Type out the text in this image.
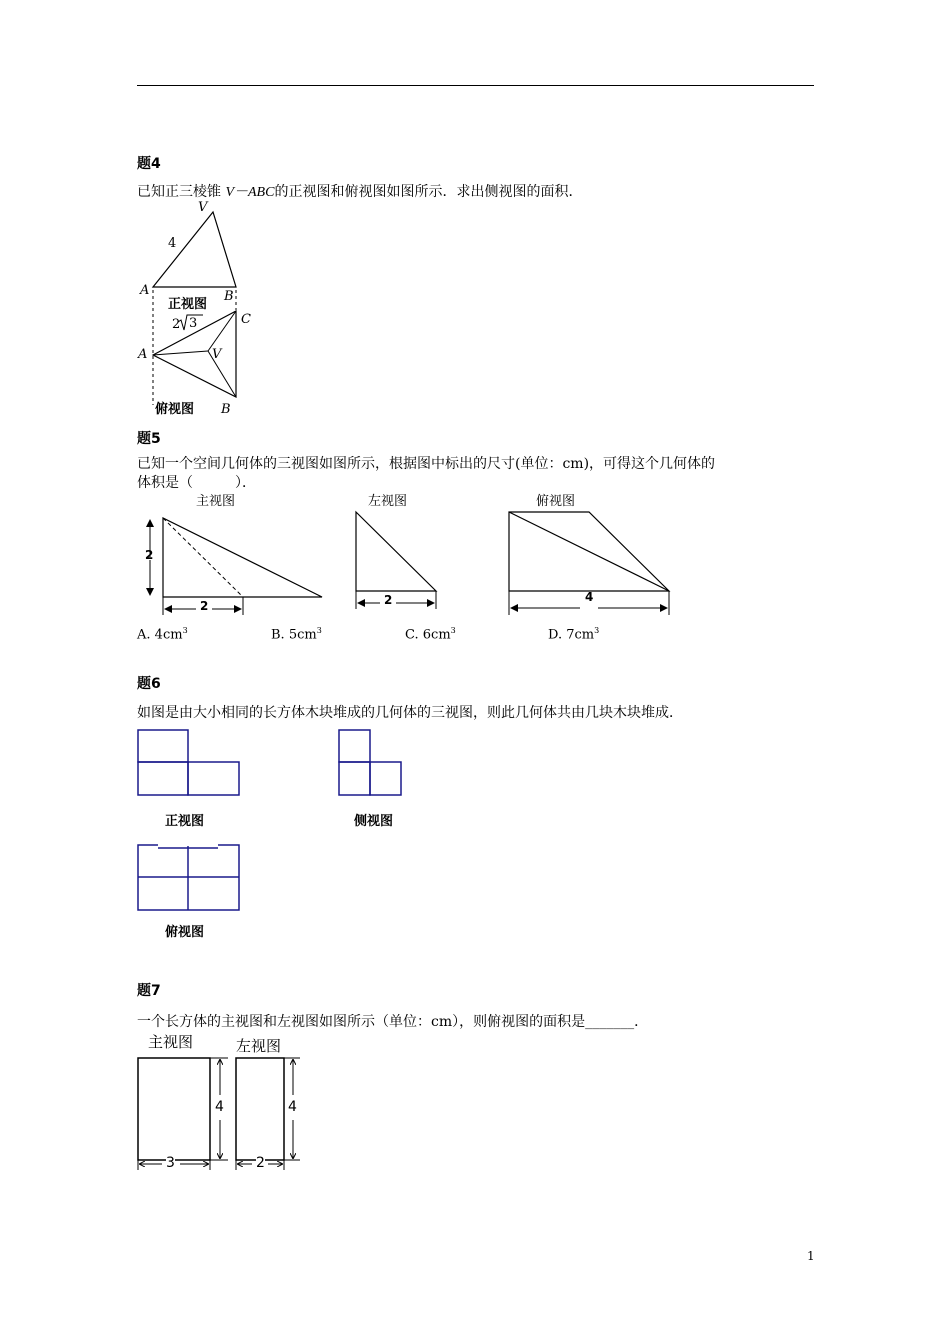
题4
已知正三棱锥 V－ABC的正视图和俯视图如图所示．求出侧视图的面积．
V
4
A	B
正视图
2 3	C
A	V
B
俯视图
题5
已知一个空间几何体的三视图如图所示，根据图中标出的尺寸(单位：cm)，可得这个几何体的
体积是（　　　）．
主视图	左视图	俯视图
2
2	2	4
A. $4cm^3$	B. $5cm^3$	C. $6cm^3$	D. $7cm^3$
题6
如图是由大小相同的长方体木块堆成的几何体的三视图，则此几何体共由几块木块堆成．
正视图	侧视图
俯视图
题7
一个长方体的主视图和左视图如图所示（单位：cm），则俯视图的面积是_______．
主视图	左视图
4	4
3	2
1
